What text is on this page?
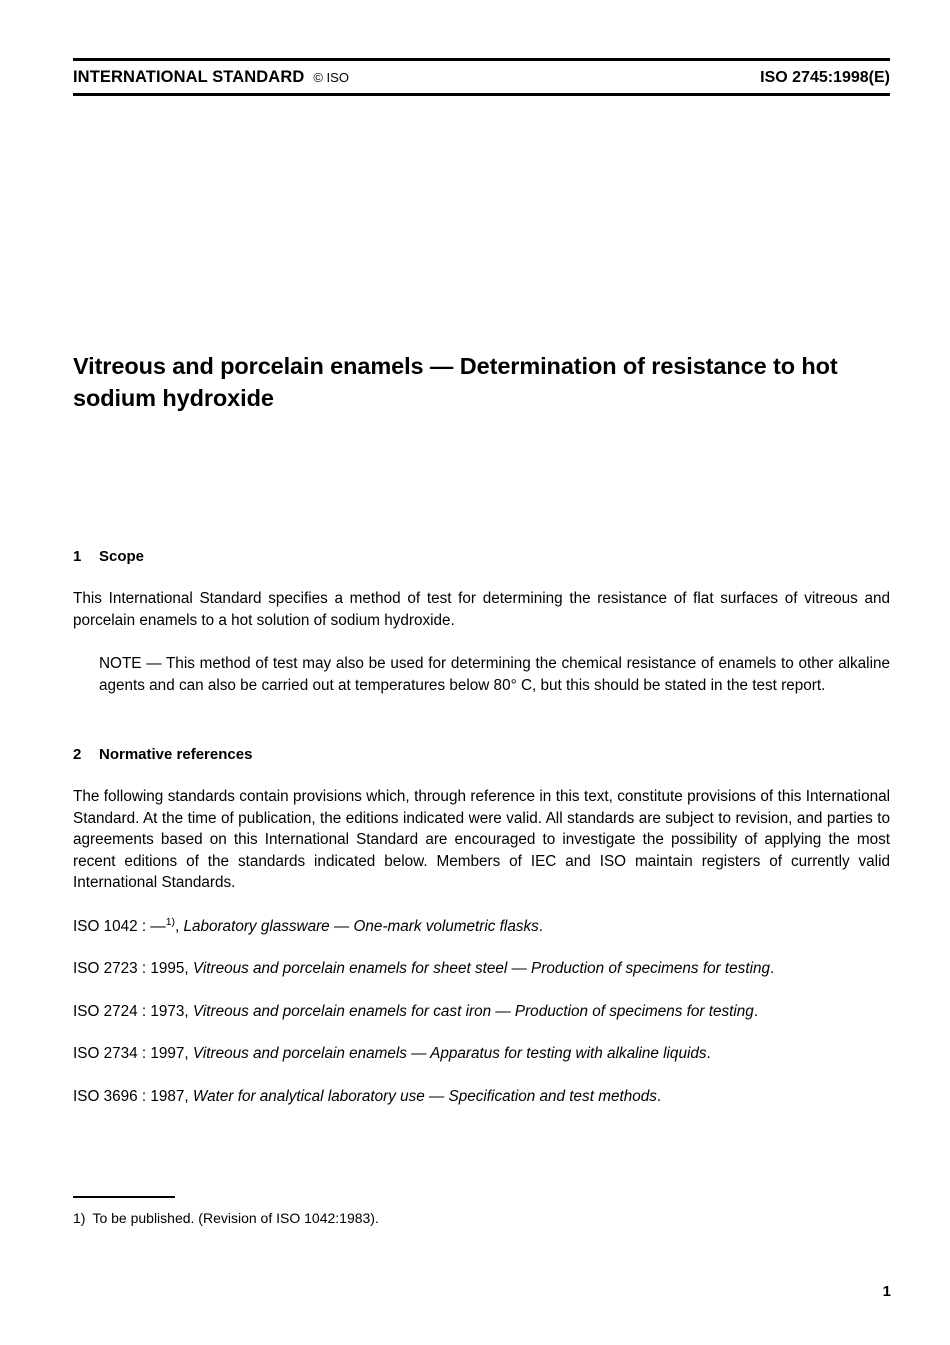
INTERNATIONAL STANDARD © ISO	ISO 2745:1998(E)
Vitreous and porcelain enamels — Determination of resistance to hot sodium hydroxide
1 Scope

This International Standard specifies a method of test for determining the resistance of flat surfaces of vitreous and porcelain enamels to a hot solution of sodium hydroxide.

NOTE — This method of test may also be used for determining the chemical resistance of enamels to other alkaline agents and can also be carried out at temperatures below 80° C, but this should be stated in the test report.

2 Normative references

The following standards contain provisions which, through reference in this text, constitute provisions of this International Standard. At the time of publication, the editions indicated were valid. All standards are subject to revision, and parties to agreements based on this International Standard are encouraged to investigate the possibility of applying the most recent editions of the standards indicated below. Members of IEC and ISO maintain registers of currently valid International Standards.

ISO 1042 : —$^{1)}$, Laboratory glassware — One-mark volumetric flasks.

ISO 2723 : 1995, Vitreous and porcelain enamels for sheet steel — Production of specimens for testing.

ISO 2724 : 1973, Vitreous and porcelain enamels for cast iron — Production of specimens for testing.

ISO 2734 : 1997, Vitreous and porcelain enamels — Apparatus for testing with alkaline liquids.

ISO 3696 : 1987, Water for analytical laboratory use — Specification and test methods.

1) To be published. (Revision of ISO 1042:1983).
1
